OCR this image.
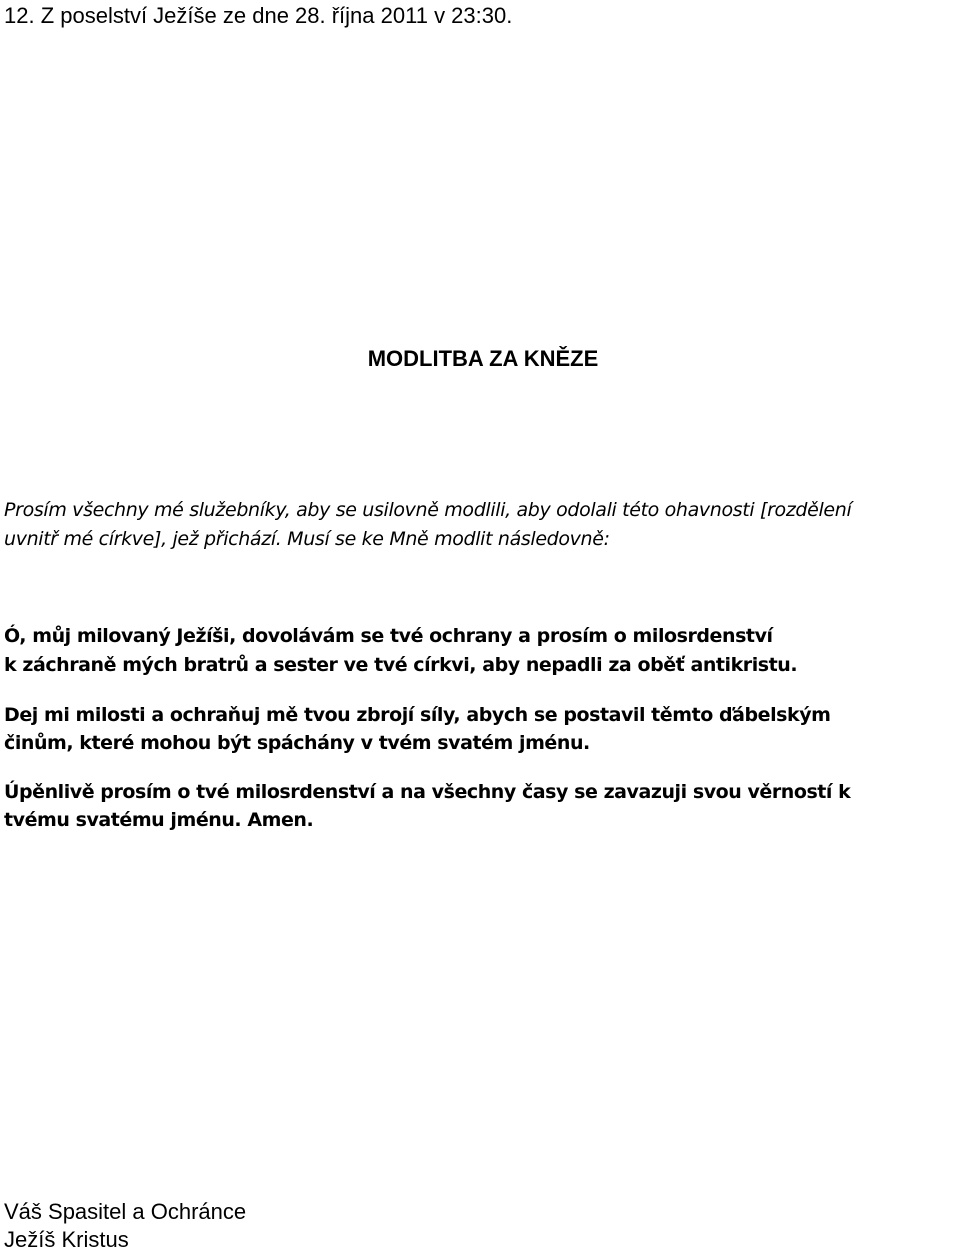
12. Z poselství Ježíše ze dne 28. října 2011 v 23:30.

MODLITBA ZA KNĚZE

Prosím všechny mé služebníky, aby se usilovně modlili, aby odolali této ohavnosti [rozdělení

uvnitř mé církve], jež přichází. Musí se ke Mně modlit následovně:

Ó, můj milovaný Ježíši, dovolávám se tvé ochrany a prosím o milosrdenství

k záchraně mých bratrů a sester ve tvé církvi, aby nepadli za oběť antikristu.

Dej mi milosti a ochraňuj mě tvou zbrojí síly, abych se postavil těmto ďábelským

činům, které mohou být spáchány v tvém svatém jménu.

Úpěnlivě prosím o tvé milosrdenství a na všechny časy se zavazuji svou věrností k

tvému svatému jménu. Amen.

Váš Spasitel a Ochránce

Ježíš Kristus
